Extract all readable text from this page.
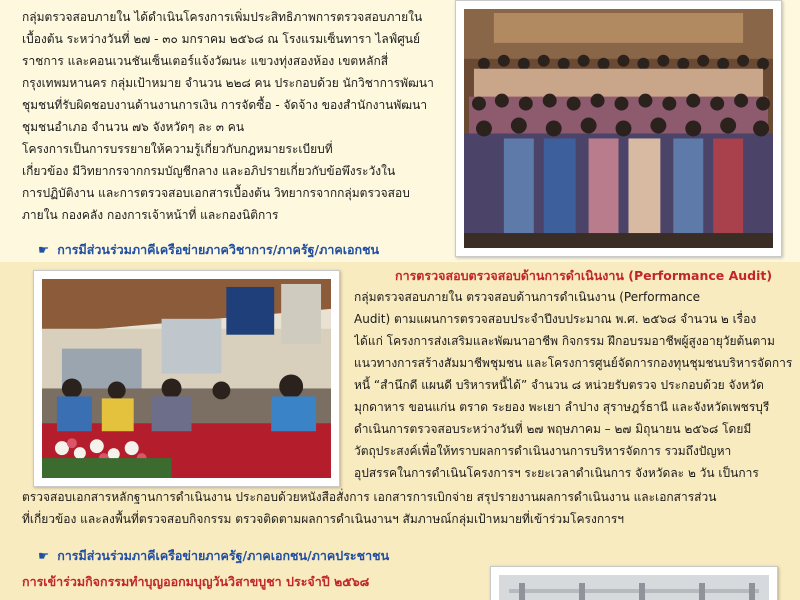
กลุ่มตรวจสอบภายใน ได้ดำเนินโครงการเพิ่มประสิทธิภาพการตรวจสอบภายใน
เบื้องต้น ระหว่างวันที่ ๒๗ - ๓๐ มกราคม ๒๕๖๘ ณ โรงแรมเซ็นทารา ไลฟ์ศูนย์
ราชการ และคอนเวนชันเซ็นเตอร์แจ้งวัฒนะ แขวงทุ่งสองห้อง เขตหลักสี่
กรุงเทพมหานคร กลุ่มเป้าหมาย จำนวน ๒๒๘ คน ประกอบด้วย นักวิชาการพัฒนา
ชุมชนที่รับผิดชอบงานด้านงานการเงิน การจัดซื้อ - จัดจ้าง ของสำนักงานพัฒนา
ชุมชนอำเภอ จำนวน ๗๖ จังหวัดๆ ละ ๓ คน
โครงการเป็นการบรรยายให้ความรู้เกี่ยวกับกฎหมายระเบียบที่
เกี่ยวข้อง มีวิทยากรจากกรมบัญชีกลาง และอภิปรายเกี่ยวกับข้อพึงระวังใน
การปฏิบัติงาน และการตรวจสอบเอกสารเบื้องต้น วิทยากรจากกลุ่มตรวจสอบ
ภายใน กองคลัง กองการเจ้าหน้าที่ และกองนิติการ
☛ การมีส่วนร่วมภาคีเครือข่ายภาควิชาการ/ภาครัฐ/ภาคเอกชน
การตรวจสอบตรวจสอบด้านการดำเนินงาน (Performance Audit)
กลุ่มตรวจสอบภายใน ตรวจสอบด้านการดำเนินงาน (Performance
Audit) ตามแผนการตรวจสอบประจำปีงบประมาณ พ.ศ. ๒๕๖๘ จำนวน ๒ เรื่อง
ได้แก่ โครงการส่งเสริมและพัฒนาอาชีพ กิจกรรม ฝึกอบรมอาชีพผู้สูงอายุวัยต้นตาม
แนวทางการสร้างสัมมาชีพชุมชน และโครงการศูนย์จัดการกองทุนชุมชนบริหารจัดการ
หนี้ “สำนึกดี แผนดี บริหารหนี้ได้” จำนวน ๘ หน่วยรับตรวจ ประกอบด้วย จังหวัด
มุกดาหาร ขอนแก่น ตราด ระยอง พะเยา ลำปาง สุราษฎร์ธานี และจังหวัดเพชรบุรี
ดำเนินการตรวจสอบระหว่างวันที่ ๒๗ พฤษภาคม – ๒๗ มิถุนายน ๒๕๖๘ โดยมี
วัตถุประสงค์เพื่อให้ทราบผลการดำเนินงานการบริหารจัดการ รวมถึงปัญหา
อุปสรรคในการดำเนินโครงการฯ ระยะเวลาดำเนินการ จังหวัดละ ๒ วัน เป็นการ
ตรวจสอบเอกสารหลักฐานการดำเนินงาน ประกอบด้วยหนังสือสั่งการ เอกสารการเบิกจ่าย สรุปรายงานผลการดำเนินงาน และเอกสารส่วน
ที่เกี่ยวข้อง และลงพื้นที่ตรวจสอบกิจกรรม ตรวจติดตามผลการดำเนินงานฯ สัมภาษณ์กลุ่มเป้าหมายที่เข้าร่วมโครงการฯ
☛ การมีส่วนร่วมภาคีเครือข่ายภาครัฐ/ภาคเอกชน/ภาคประชาชน
การเข้าร่วมกิจกรรมทำบุญออกมบุญวันวิสาขบูชา ประจำปี ๒๕๖๘
